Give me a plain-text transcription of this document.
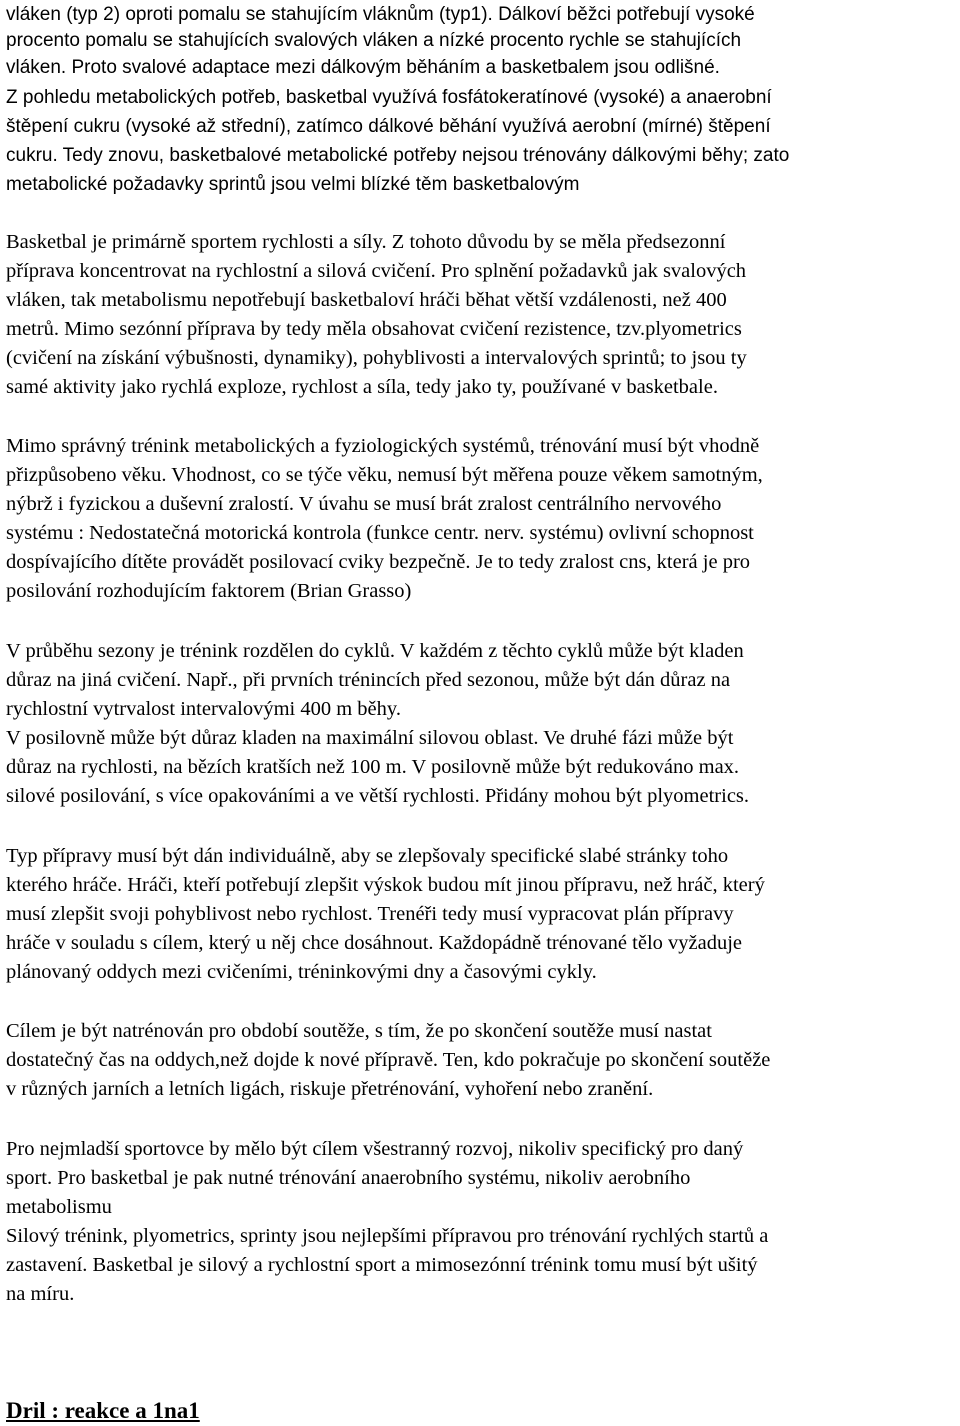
vláken (typ 2) oproti pomalu se stahujícím vláknům (typ1). Dálkoví běžci potřebují vysoké
procento pomalu se stahujících svalových vláken a nízké procento rychle se stahujících
vláken. Proto svalové adaptace mezi dálkovým běháním a basketbalem jsou odlišné.
Z pohledu metabolických potřeb, basketbal využívá fosfátokeratínové (vysoké) a anaerobní
štěpení cukru (vysoké až střední), zatímco dálkové běhání využívá aerobní (mírné) štěpení
cukru. Tedy znovu, basketbalové metabolické potřeby nejsou trénovány dálkovými běhy; zato
metabolické požadavky sprintů jsou velmi blízké těm basketbalovým
Basketbal je primárně sportem rychlosti a síly. Z tohoto důvodu by se měla předsezonní
příprava koncentrovat na rychlostní a silová cvičení. Pro splnění požadavků jak svalových
vláken, tak metabolismu nepotřebují basketbaloví hráči běhat větší vzdálenosti, než 400
metrů. Mimo sezónní příprava by tedy měla obsahovat cvičení rezistence, tzv.plyometrics
(cvičení na získání výbušnosti, dynamiky), pohyblivosti a intervalových sprintů; to jsou ty
samé aktivity jako rychlá exploze, rychlost a síla, tedy jako ty, používané v basketbale.
Mimo správný trénink metabolických a fyziologických systémů, trénování musí být vhodně
přizpůsobeno věku. Vhodnost, co se týče věku, nemusí být měřena pouze věkem samotným,
nýbrž i fyzickou a duševní zralostí. V úvahu se musí brát zralost centrálního nervového
systému : Nedostatečná motorická kontrola (funkce centr. nerv. systému) ovlivní schopnost
dospívajícího dítěte provádět posilovací cviky bezpečně. Je to tedy zralost cns, která je pro
posilování rozhodujícím faktorem (Brian Grasso)
V průběhu sezony je trénink rozdělen do cyklů. V každém z těchto cyklů může být kladen
důraz na jiná cvičení. Např., při prvních trénincích před sezonou, může být dán důraz na
rychlostní vytrvalost intervalovými 400 m běhy.
V posilovně může být důraz kladen na maximální silovou oblast. Ve druhé fázi může být
důraz na rychlosti, na bězích kratších než 100 m. V posilovně může být redukováno max.
silové posilování, s více opakováními a ve větší rychlosti. Přidány mohou být plyometrics.
Typ přípravy musí být dán individuálně, aby se zlepšovaly specifické slabé stránky toho
kterého hráče. Hráči, kteří potřebují zlepšit výskok budou mít jinou přípravu, než hráč, který
musí zlepšit svoji pohyblivost nebo rychlost. Trenéři tedy musí vypracovat plán přípravy
hráče v souladu s cílem, který u něj chce dosáhnout. Každopádně trénované tělo vyžaduje
plánovaný oddych mezi cvičeními, tréninkovými dny a časovými cykly.
Cílem je být natrénován pro období soutěže, s tím, že po skončení soutěže musí nastat
dostatečný čas na oddych,než dojde k nové přípravě. Ten, kdo pokračuje po skončení soutěže
v různých jarních a letních ligách, riskuje přetrénování, vyhoření nebo zranění.
Pro nejmladší sportovce by mělo být cílem všestranný rozvoj, nikoliv specifický pro daný
sport. Pro basketbal je pak nutné trénování anaerobního systému, nikoliv aerobního
metabolismu
Silový trénink, plyometrics, sprinty jsou nejlepšími přípravou pro trénování rychlých startů a
zastavení. Basketbal je silový a rychlostní sport a mimosezónní trénink tomu musí být ušitý
na míru.
Dril : reakce a 1na1
